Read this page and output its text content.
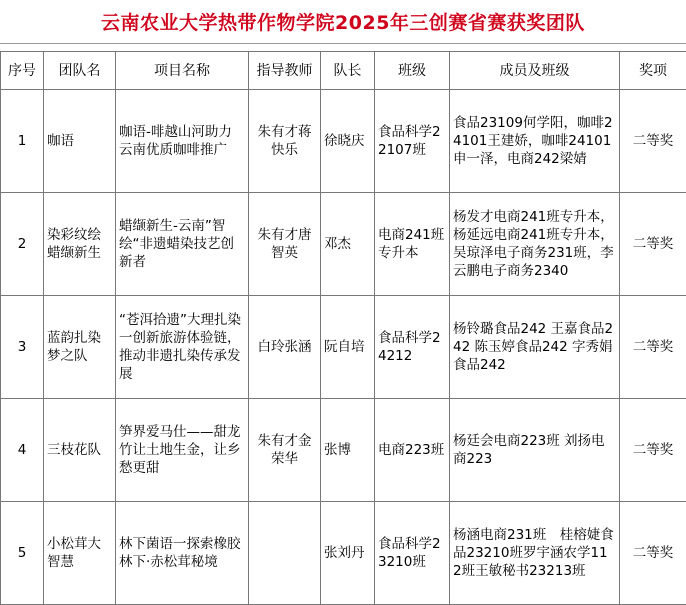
云南农业大学热带作物学院2025年三创赛省赛获奖团队
序号	团队名	项目名称	指导教师	队长	班级	成员及班级	奖项
1	咖语	咖语-啡越山河助力云南优质咖啡推广	朱有才蒋快乐	徐晓庆	食品科学22107班	食品23109何学阳，咖啡24101王建娇，咖啡24101申一泽，电商242梁婧	二等奖
2	染彩纹绘蜡缬新生	蜡缬新生-云南”智绘“非遗蜡染技艺创新者	朱有才唐智英	邓杰	电商241班专升本	杨发才电商241班专升本，杨延远电商241班专升本，吴琼泽电子商务231班，李云鹏电子商务2340	二等奖
3	蓝韵扎染梦之队	“苍洱拾遗”大理扎染一创新旅游体验链，推动非遗扎染传承发展	白玲张涵	阮自培	食品科学24212	杨铃璐食品242 王嘉食品242 陈玉婷食品242 字秀娟食品242	二等奖
4	三枝花队	笋界爱马仕——甜龙竹让土地生金，让乡愁更甜	朱有才金荣华	张博	电商223班	杨廷会电商223班 刘扬电商223	二等奖
5	小松茸大智慧	林下菌语一探索橡胶林下·赤松茸秘境		张刘丹	食品科学23210班	杨涵电商231班　桂榕婕食品23210班罗宇涵农学112班王敏秘书23213班	二等奖
